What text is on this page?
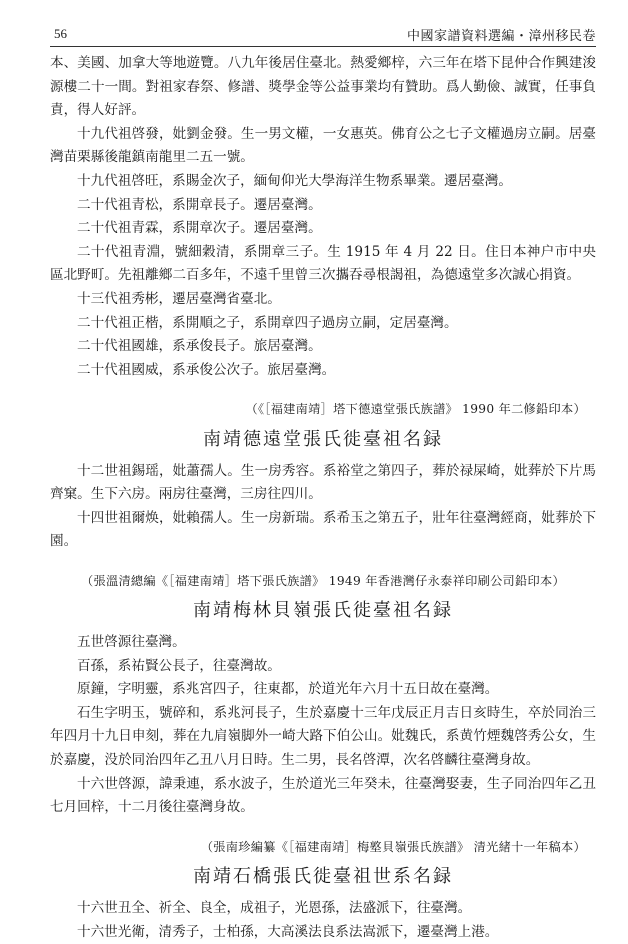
56	中國家譜資料選編・漳州移民卷

本、美國、加拿大等地遊覽。八九年後居住臺北。熱愛鄉梓，六三年在塔下昆仲合作興建浚源樓二十一間。對祖家春祭、修譜、獎學金等公益事業均有贊助。爲人勤儉、誠實，任事負責，得人好評。

十九代祖啓發，妣劉金發。生一男文權，一女惠英。佛育公之七子文權過房立嗣。居臺灣苗栗縣後龍鎮南龍里二五一號。

十九代祖啓旺，系賜金次子，緬甸仰光大學海洋生物系畢業。遷居臺灣。

二十代祖青松，系開章長子。遷居臺灣。

二十代祖青霖，系開章次子。遷居臺灣。

二十代祖青淵，號細穀清，系開章三子。生 1915 年 4 月 22 日。住日本神户市中央區北野町。先祖離鄉二百多年，不遠千里曾三次攜吞尋根謁祖，為德遠堂多次誠心捐資。

十三代祖秀彬，遷居臺灣省臺北。

二十代祖正楷，系開順之子，系開章四子過房立嗣，定居臺灣。

二十代祖國雄，系承俊長子。旅居臺灣。

二十代祖國威，系承俊公次子。旅居臺灣。

（《［福建南靖］塔下德遠堂張氏族譜》 1990 年二修鉛印本）
南靖德遠堂張氏徙臺祖名録

十二世祖錫瑶，妣蕭孺人。生一房秀容。系裕堂之第四子，葬於禄屎崎，妣葬於下片馬齊窠。生下六房。兩房往臺灣，三房往四川。

十四世祖爾焕，妣賴孺人。生一房新瑞。系希玉之第五子，壯年往臺灣經商，妣葬於下園。

（張溫清總編《［福建南靖］塔下張氏族譜》 1949 年香港灣仔永泰祥印刷公司鉛印本）
南靖梅林貝嶺張氏徙臺祖名録

五世啓源往臺灣。

百孫，系祐賢公長子，往臺灣故。

原鐘，字明靈，系兆宮四子，往東都，於道光年六月十五日故在臺灣。

石生字明玉，號碎和，系兆河長子，生於嘉慶十三年戊辰正月吉日亥時生，卒於同治三年四月十九日申刻，葬在九肩嶺脚外一崎大路下伯公山。妣魏氏，系黄竹煙魏啓秀公女，生於嘉慶，没於同治四年乙丑八月日時。生二男，長名啓潭，次名啓麟往臺灣身故。

十六世啓源，諱秉連，系水波子，生於道光三年癸未，往臺灣娶妻，生子同治四年乙丑七月回梓，十二月後往臺灣身故。

（張南珍編纂《［福建南靖］梅墪貝嶺張氏族譜》 清光緒十一年稿本）
南靖石橋張氏徙臺祖世系名録

十六世丑全、祈全、良全，成祖子，光恩孫，法盛派下，往臺灣。

十六世光衛，清秀子，士柏孫，大高溪法良系法嵩派下，遷臺灣上港。
